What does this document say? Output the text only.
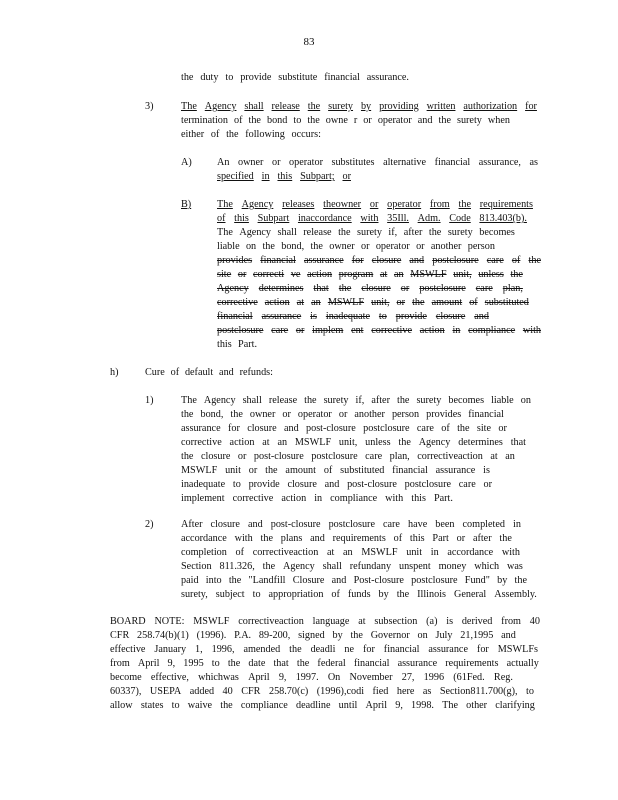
83
the duty to provide substitute financial assurance.
3)	The Agency shall release the surety by providing written authorization for
termination of the bond to the owne r or operator and the surety when
either of the following occurs:
A) An owner or operator substitutes alternative financial assurance, as
specified in this Subpart; or
B)	The Agency releases theowner or operator from the requirements
of this Subpart inaccordance with 35Ill. Adm. Code 813.403(b).
The Agency shall release the surety if, after the surety becomes
liable on the bond, the owner or operator or another person
provides financial assurance for closure and postclosure care of the
site or correcti ve action program at an MSWLF unit, unless the
Agency determines that the closure or postclosure care plan,
corrective action at an MSWLF unit, or the amount of substituted
financial assurance is inadequate to provide closure and
postclosure care or implem ent corrective action in compliance with
this Part.
h)	Cure of default and refunds:
1)	The Agency shall release the surety if, after the surety becomes liable on
the bond, the owner or operator or another person provides financial
assurance for closure and post-closure postclosure care of the site or
corrective action at an MSWLF unit, unless the Agency determines that
the closure or post-closure postclosure care plan, correctiveaction at an
MSWLF unit or the amount of substituted financial assurance is
inadequate to provide closure and post-closure postclosure care or
implement corrective action in compliance with this Part.
2)	After closure and post-closure postclosure care have been completed in
accordance with the plans and requirements of this Part or after the
completion of correctiveaction at an MSWLF unit in accordance with
Section 811.326, the Agency shall refundany unspent money which was
paid into the "Landfill Closure and Post-closure postclosure Fund" by the
surety, subject to appropriation of funds by the Illinois General Assembly.
BOARD NOTE: MSWLF correctiveaction language at subsection (a) is derived from 40
CFR 258.74(b)(1) (1996). P.A. 89-200, signed by the Governor on July 21,1995 and
effective January 1, 1996, amended the deadli ne for financial assurance for MSWLFs
from April 9, 1995 to the date that the federal financial assurance requirements actually
become effective, whichwas April 9, 1997. On November 27, 1996 (61Fed. Reg.
60337), USEPA added 40 CFR 258.70(c) (1996),codi fied here as Section811.700(g), to
allow states to waive the compliance deadline until April 9, 1998. The other clarifying
